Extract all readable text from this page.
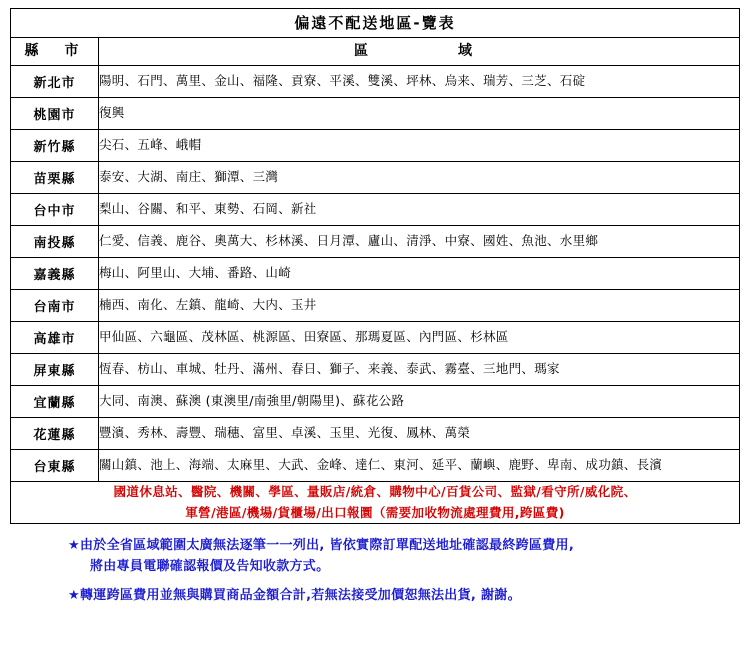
偏遠不配送地區-覽表	
縣　市	區　　　域
新北市	陽明、石門、萬里、金山、福隆、貢寮、平溪、雙溪、坪林、烏来、瑞芳、三芝、石碇
桃園市	復興
新竹縣	尖石、五峰、峨帽
苗栗縣	泰安、大湖、南庄、獅潭、三灣
台中市	梨山、谷關、和平、東勢、石岡、新社
南投縣	仁愛、信義、鹿谷、奧萬大、杉林溪、日月潭、廬山、清淨、中寮、國姓、魚池、水里鄉
嘉義縣	梅山、阿里山、大埔、番路、山崎
台南市	楠西、南化、左鎮、龍崎、大内、玉井
高雄市	甲仙區、六龜區、茂林區、桃源區、田寮區、那瑪夏區、內門區、杉林區
屏東縣	恆春、枋山、車城、牡丹、滿州、春日、獅子、来義、泰武、霧臺、三地門、瑪家
宜蘭縣	大同、南澳、蘇澳 (東澳里/南強里/朝陽里)、蘇花公路
花蓮縣	豐濱、秀林、壽豐、瑞穗、富里、卓溪、玉里、光復、鳳林、萬榮
台東縣	關山鎮、池上、海端、太麻里、大武、金峰、達仁、東河、延平、蘭嶼、鹿野、卑南、成功鎮、長濱

國道休息站、醫院、機關、學區、量販店/統倉、購物中心/百貨公司、監獄/看守所/威化院、
軍營/港區/機場/貨櫃場/出口報圜（需要加收物流處理費用,跨區費)	
★由於全省區域範圍太廣無法逐筆一一列出, 皆依實際訂單配送地址確認最終跨區費用,
將由專員電聯確認報價及告知收款方式。
★轉運跨區費用並無與購買商品金額合計,若無法接受加價恕無法出貨, 謝謝。
